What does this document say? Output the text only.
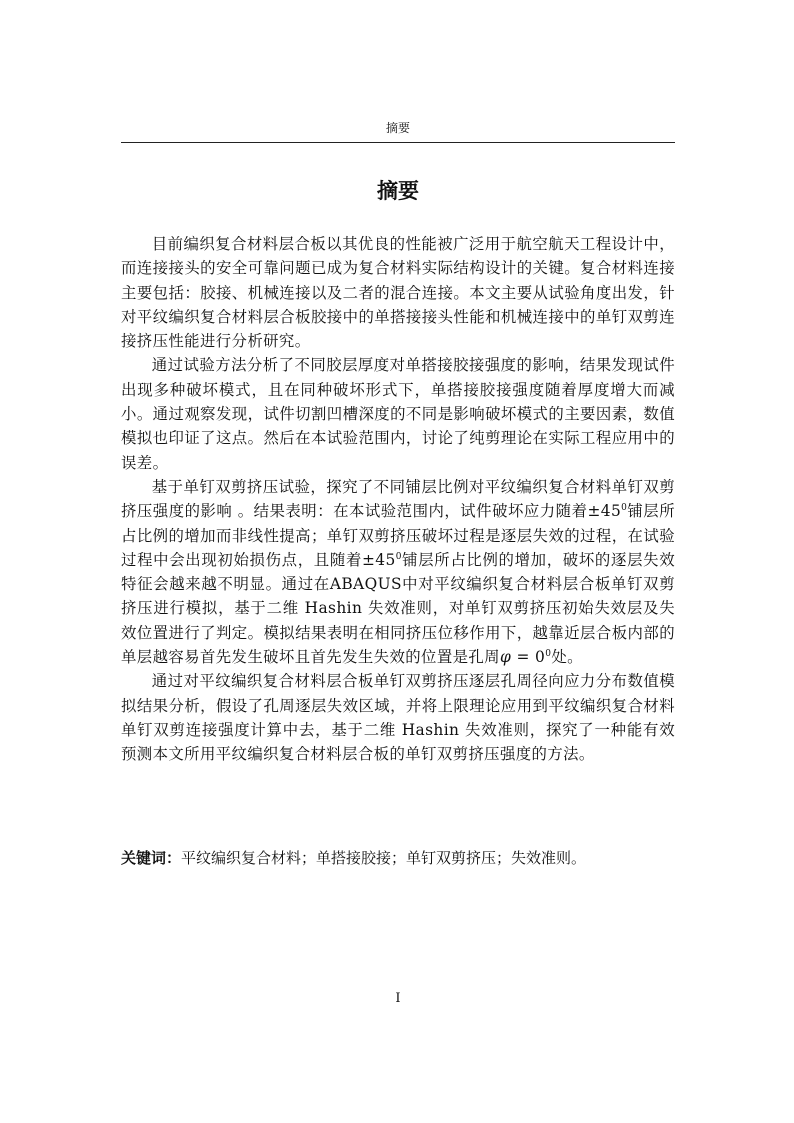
摘要
摘要

目前编织复合材料层合板以其优良的性能被广泛用于航空航天工程设计中，而连接接头的安全可靠问题已成为复合材料实际结构设计的关键。复合材料连接主要包括：胶接、机械连接以及二者的混合连接。本文主要从试验角度出发，针对平纹编织复合材料层合板胶接中的单搭接接头性能和机械连接中的单钉双剪连接挤压性能进行分析研究。

通过试验方法分析了不同胶层厚度对单搭接胶接强度的影响，结果发现试件出现多种破坏模式，且在同种破坏形式下，单搭接胶接强度随着厚度增大而减小。通过观察发现，试件切割凹槽深度的不同是影响破坏模式的主要因素，数值模拟也印证了这点。然后在本试验范围内，讨论了纯剪理论在实际工程应用中的误差。

基于单钉双剪挤压试验，探究了不同铺层比例对平纹编织复合材料单钉双剪挤压强度的影响 。结果表明：在本试验范围内，试件破坏应力随着$\pm 45^0$铺层所占比例的增加而非线性提高；单钉双剪挤压破坏过程是逐层失效的过程，在试验过程中会出现初始损伤点，且随着$\pm 45^0$铺层所占比例的增加，破坏的逐层失效特征会越来越不明显。通过在ABAQUS中对平纹编织复合材料层合板单钉双剪挤压进行模拟，基于二维 Hashin 失效准则，对单钉双剪挤压初始失效层及失效位置进行了判定。模拟结果表明在相同挤压位移作用下，越靠近层合板内部的单层越容易首先发生破坏且首先发生失效的位置是孔周$\varphi = 0^0$处。

通过对平纹编织复合材料层合板单钉双剪挤压逐层孔周径向应力分布数值模拟结果分析，假设了孔周逐层失效区域，并将上限理论应用到平纹编织复合材料单钉双剪连接强度计算中去，基于二维 Hashin 失效准则，探究了一种能有效预测本文所用平纹编织复合材料层合板的单钉双剪挤压强度的方法。

关键词：平纹编织复合材料；单搭接胶接；单钉双剪挤压；失效准则。
I
